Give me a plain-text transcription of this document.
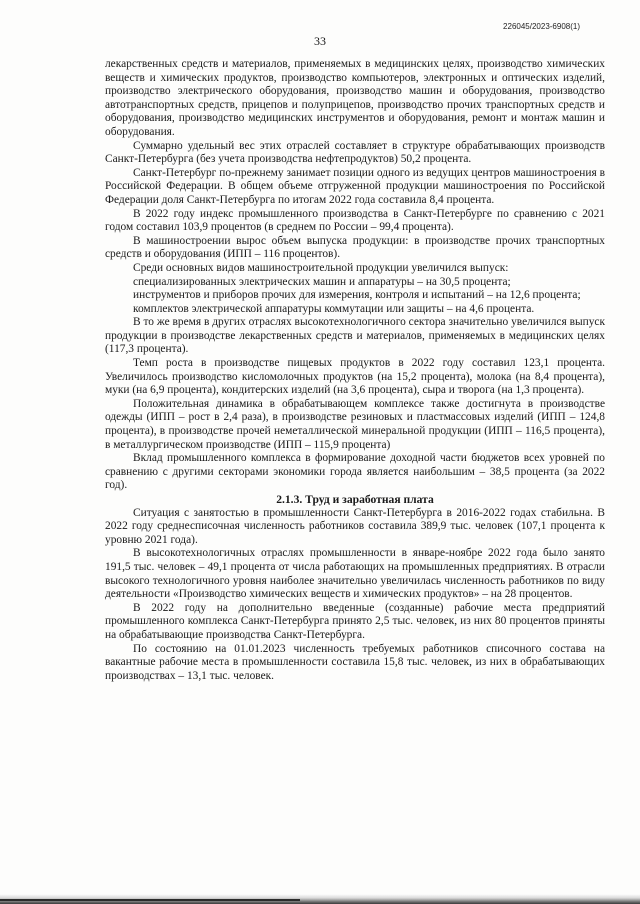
226045/2023-6908(1)
33

лекарственных средств и материалов, применяемых в медицинских целях, производство химических веществ и химических продуктов, производство компьютеров, электронных и оптических изделий, производство электрического оборудования, производство машин и оборудования, производство автотранспортных средств, прицепов и полуприцепов, производство прочих транспортных средств и оборудования, производство медицинских инструментов и оборудования, ремонт и монтаж машин и оборудования.

Суммарно удельный вес этих отраслей составляет в структуре обрабатывающих производств Санкт-Петербурга (без учета производства нефтепродуктов) 50,2 процента.

Санкт-Петербург по-прежнему занимает позиции одного из ведущих центров машиностроения в Российской Федерации. В общем объеме отгруженной продукции машиностроения по Российской Федерации доля Санкт-Петербурга по итогам 2022 года составила 8,4 процента.

В 2022 году индекс промышленного производства в Санкт-Петербурге по сравнению с 2021 годом составил 103,9 процентов (в среднем по России – 99,4 процента).

В машиностроении вырос объем выпуска продукции: в производстве прочих транспортных средств и оборудования (ИПП – 116 процентов).

Среди основных видов машиностроительной продукции увеличился выпуск:

специализированных электрических машин и аппаратуры – на 30,5 процента;

инструментов и приборов прочих для измерения, контроля и испытаний – на 12,6 процента;

комплектов электрической аппаратуры коммутации или защиты – на 4,6 процента.

В то же время в других отраслях высокотехнологичного сектора значительно увеличился выпуск продукции в производстве лекарственных средств и материалов, применяемых в медицинских целях (117,3 процента).

Темп роста в производстве пищевых продуктов в 2022 году составил 123,1 процента. Увеличилось производство кисломолочных продуктов (на 15,2 процента), молока (на 8,4 процента), муки (на 6,9 процента), кондитерских изделий (на 3,6 процента), сыра и творога (на 1,3 процента).

Положительная динамика в обрабатывающем комплексе также достигнута в производстве одежды (ИПП – рост в 2,4 раза), в производстве резиновых и пластмассовых изделий (ИПП – 124,8 процента), в производстве прочей неметаллической минеральной продукции (ИПП – 116,5 процента), в металлургическом производстве (ИПП – 115,9 процента)

Вклад промышленного комплекса в формирование доходной части бюджетов всех уровней по сравнению с другими секторами экономики города является наибольшим – 38,5 процента (за 2022 год).

2.1.3. Труд и заработная плата

Ситуация с занятостью в промышленности Санкт-Петербурга в 2016-2022 годах стабильна. В 2022 году среднесписочная численность работников составила 389,9 тыс. человек (107,1 процента к уровню 2021 года).

В высокотехнологичных отраслях промышленности в январе-ноябре 2022 года было занято 191,5 тыс. человек – 49,1 процента от числа работающих на промышленных предприятиях. В отрасли высокого технологичного уровня наиболее значительно увеличилась численность работников по виду деятельности «Производство химических веществ и химических продуктов» – на 28 процентов.

В 2022 году на дополнительно введенные (созданные) рабочие места предприятий промышленного комплекса Санкт-Петербурга принято 2,5 тыс. человек, из них 80 процентов приняты на обрабатывающие производства Санкт-Петербурга.

По состоянию на 01.01.2023 численность требуемых работников списочного состава на вакантные рабочие места в промышленности составила 15,8 тыс. человек, из них в обрабатывающих производствах – 13,1 тыс. человек.
